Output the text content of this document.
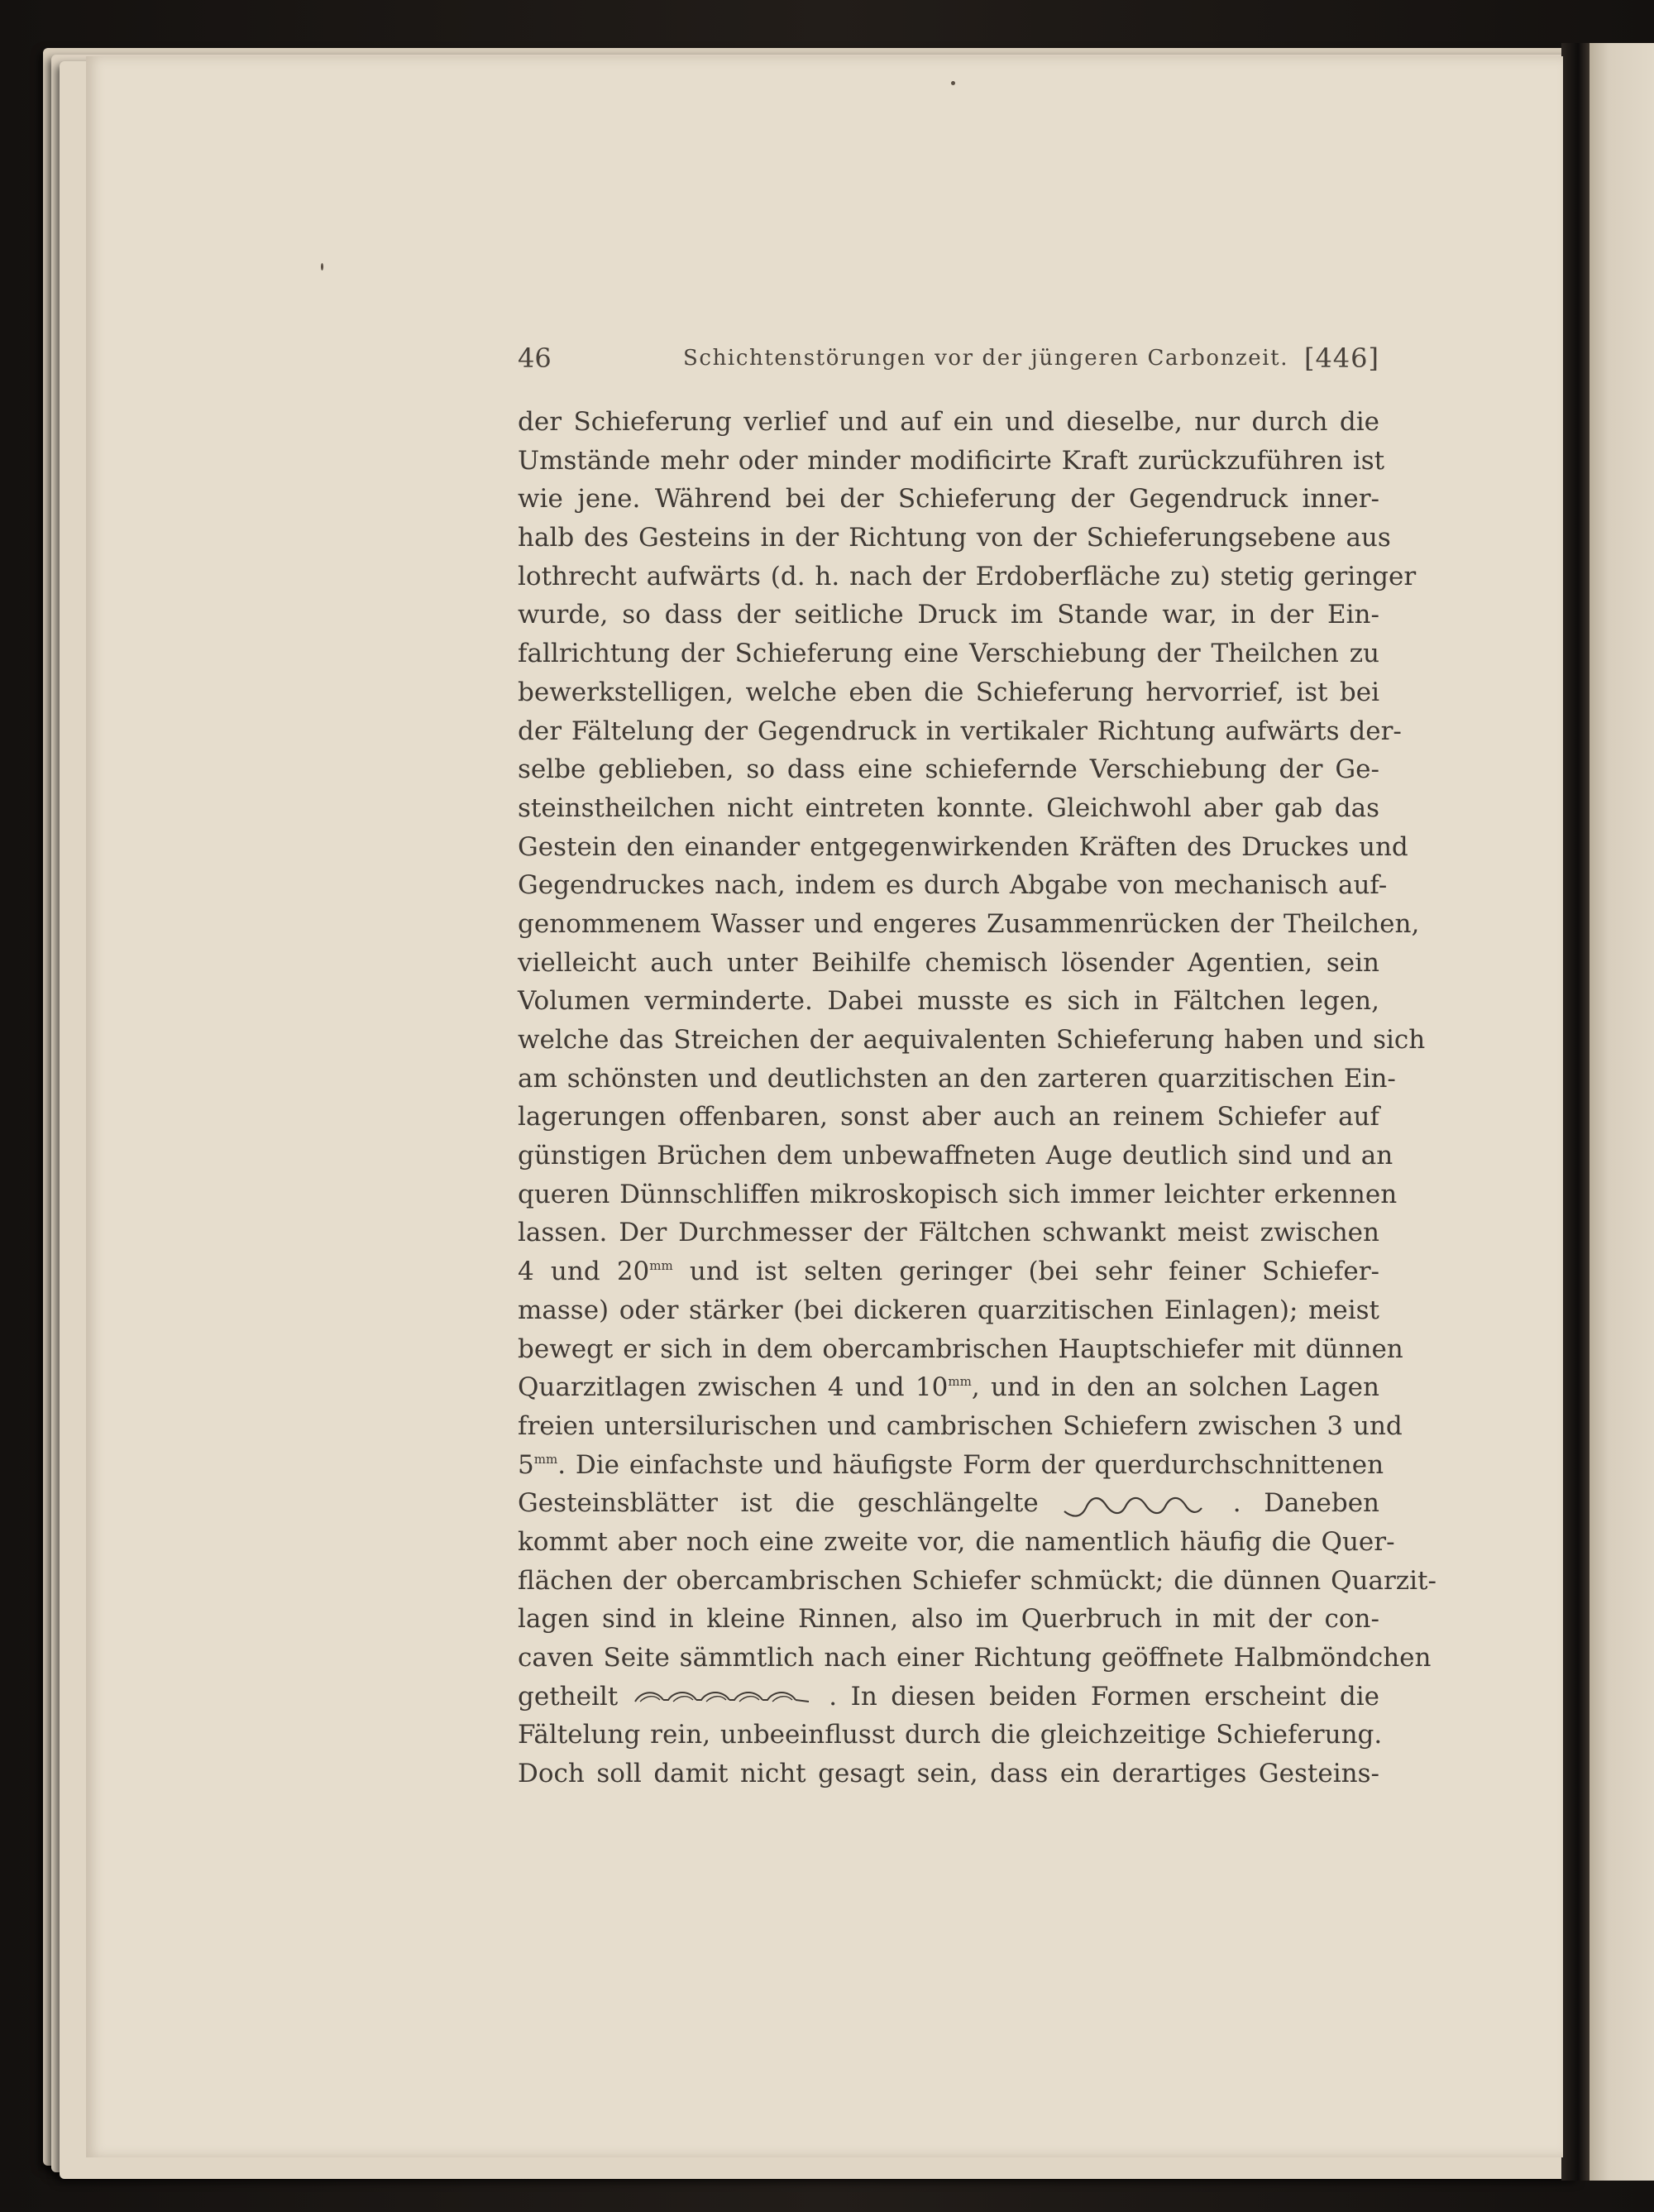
46	Schichtenstörungen vor der jüngeren Carbonzeit. [446]
der Schieferung verlief und auf ein und dieselbe, nur durch die
Umstände mehr oder minder modificirte Kraft zurückzuführen ist
wie jene. Während bei der Schieferung der Gegendruck inner-
halb des Gesteins in der Richtung von der Schieferungsebene aus
lothrecht aufwärts (d. h. nach der Erdoberfläche zu) stetig geringer
wurde, so dass der seitliche Druck im Stande war, in der Ein-
fallrichtung der Schieferung eine Verschiebung der Theilchen zu
bewerkstelligen, welche eben die Schieferung hervorrief, ist bei
der Fältelung der Gegendruck in vertikaler Richtung aufwärts der-
selbe geblieben, so dass eine schiefernde Verschiebung der Ge-
steinstheilchen nicht eintreten konnte. Gleichwohl aber gab das
Gestein den einander entgegenwirkenden Kräften des Druckes und
Gegendruckes nach, indem es durch Abgabe von mechanisch auf-
genommenem Wasser und engeres Zusammenrücken der Theilchen,
vielleicht auch unter Beihilfe chemisch lösender Agentien, sein
Volumen verminderte. Dabei musste es sich in Fältchen legen,
welche das Streichen der aequivalenten Schieferung haben und sich
am schönsten und deutlichsten an den zarteren quarzitischen Ein-
lagerungen offenbaren, sonst aber auch an reinem Schiefer auf
günstigen Brüchen dem unbewaffneten Auge deutlich sind und an
queren Dünnschliffen mikroskopisch sich immer leichter erkennen
lassen. Der Durchmesser der Fältchen schwankt meist zwischen
4 und $20^{mm}$ und ist selten geringer (bei sehr feiner Schiefer-
masse) oder stärker (bei dickeren quarzitischen Einlagen); meist
bewegt er sich in dem obercambrischen Hauptschiefer mit dünnen
Quarzitlagen zwischen 4 und $10^{mm}$, und in den an solchen Lagen
freien untersilurischen und cambrischen Schiefern zwischen 3 und
$5^{mm}$. Die einfachste und häufigste Form der querdurchschnittenen
Gesteinsblätter ist die geschlängelte	. Daneben
kommt aber noch eine zweite vor, die namentlich häufig die Quer-
flächen der obercambrischen Schiefer schmückt; die dünnen Quarzit-
lagen sind in kleine Rinnen, also im Querbruch in mit der con-
caven Seite sämmtlich nach einer Richtung geöffnete Halbmöndchen
getheilt	. In diesen beiden Formen erscheint die
Fältelung rein, unbeeinflusst durch die gleichzeitige Schieferung.
Doch soll damit nicht gesagt sein, dass ein derartiges Gesteins-
